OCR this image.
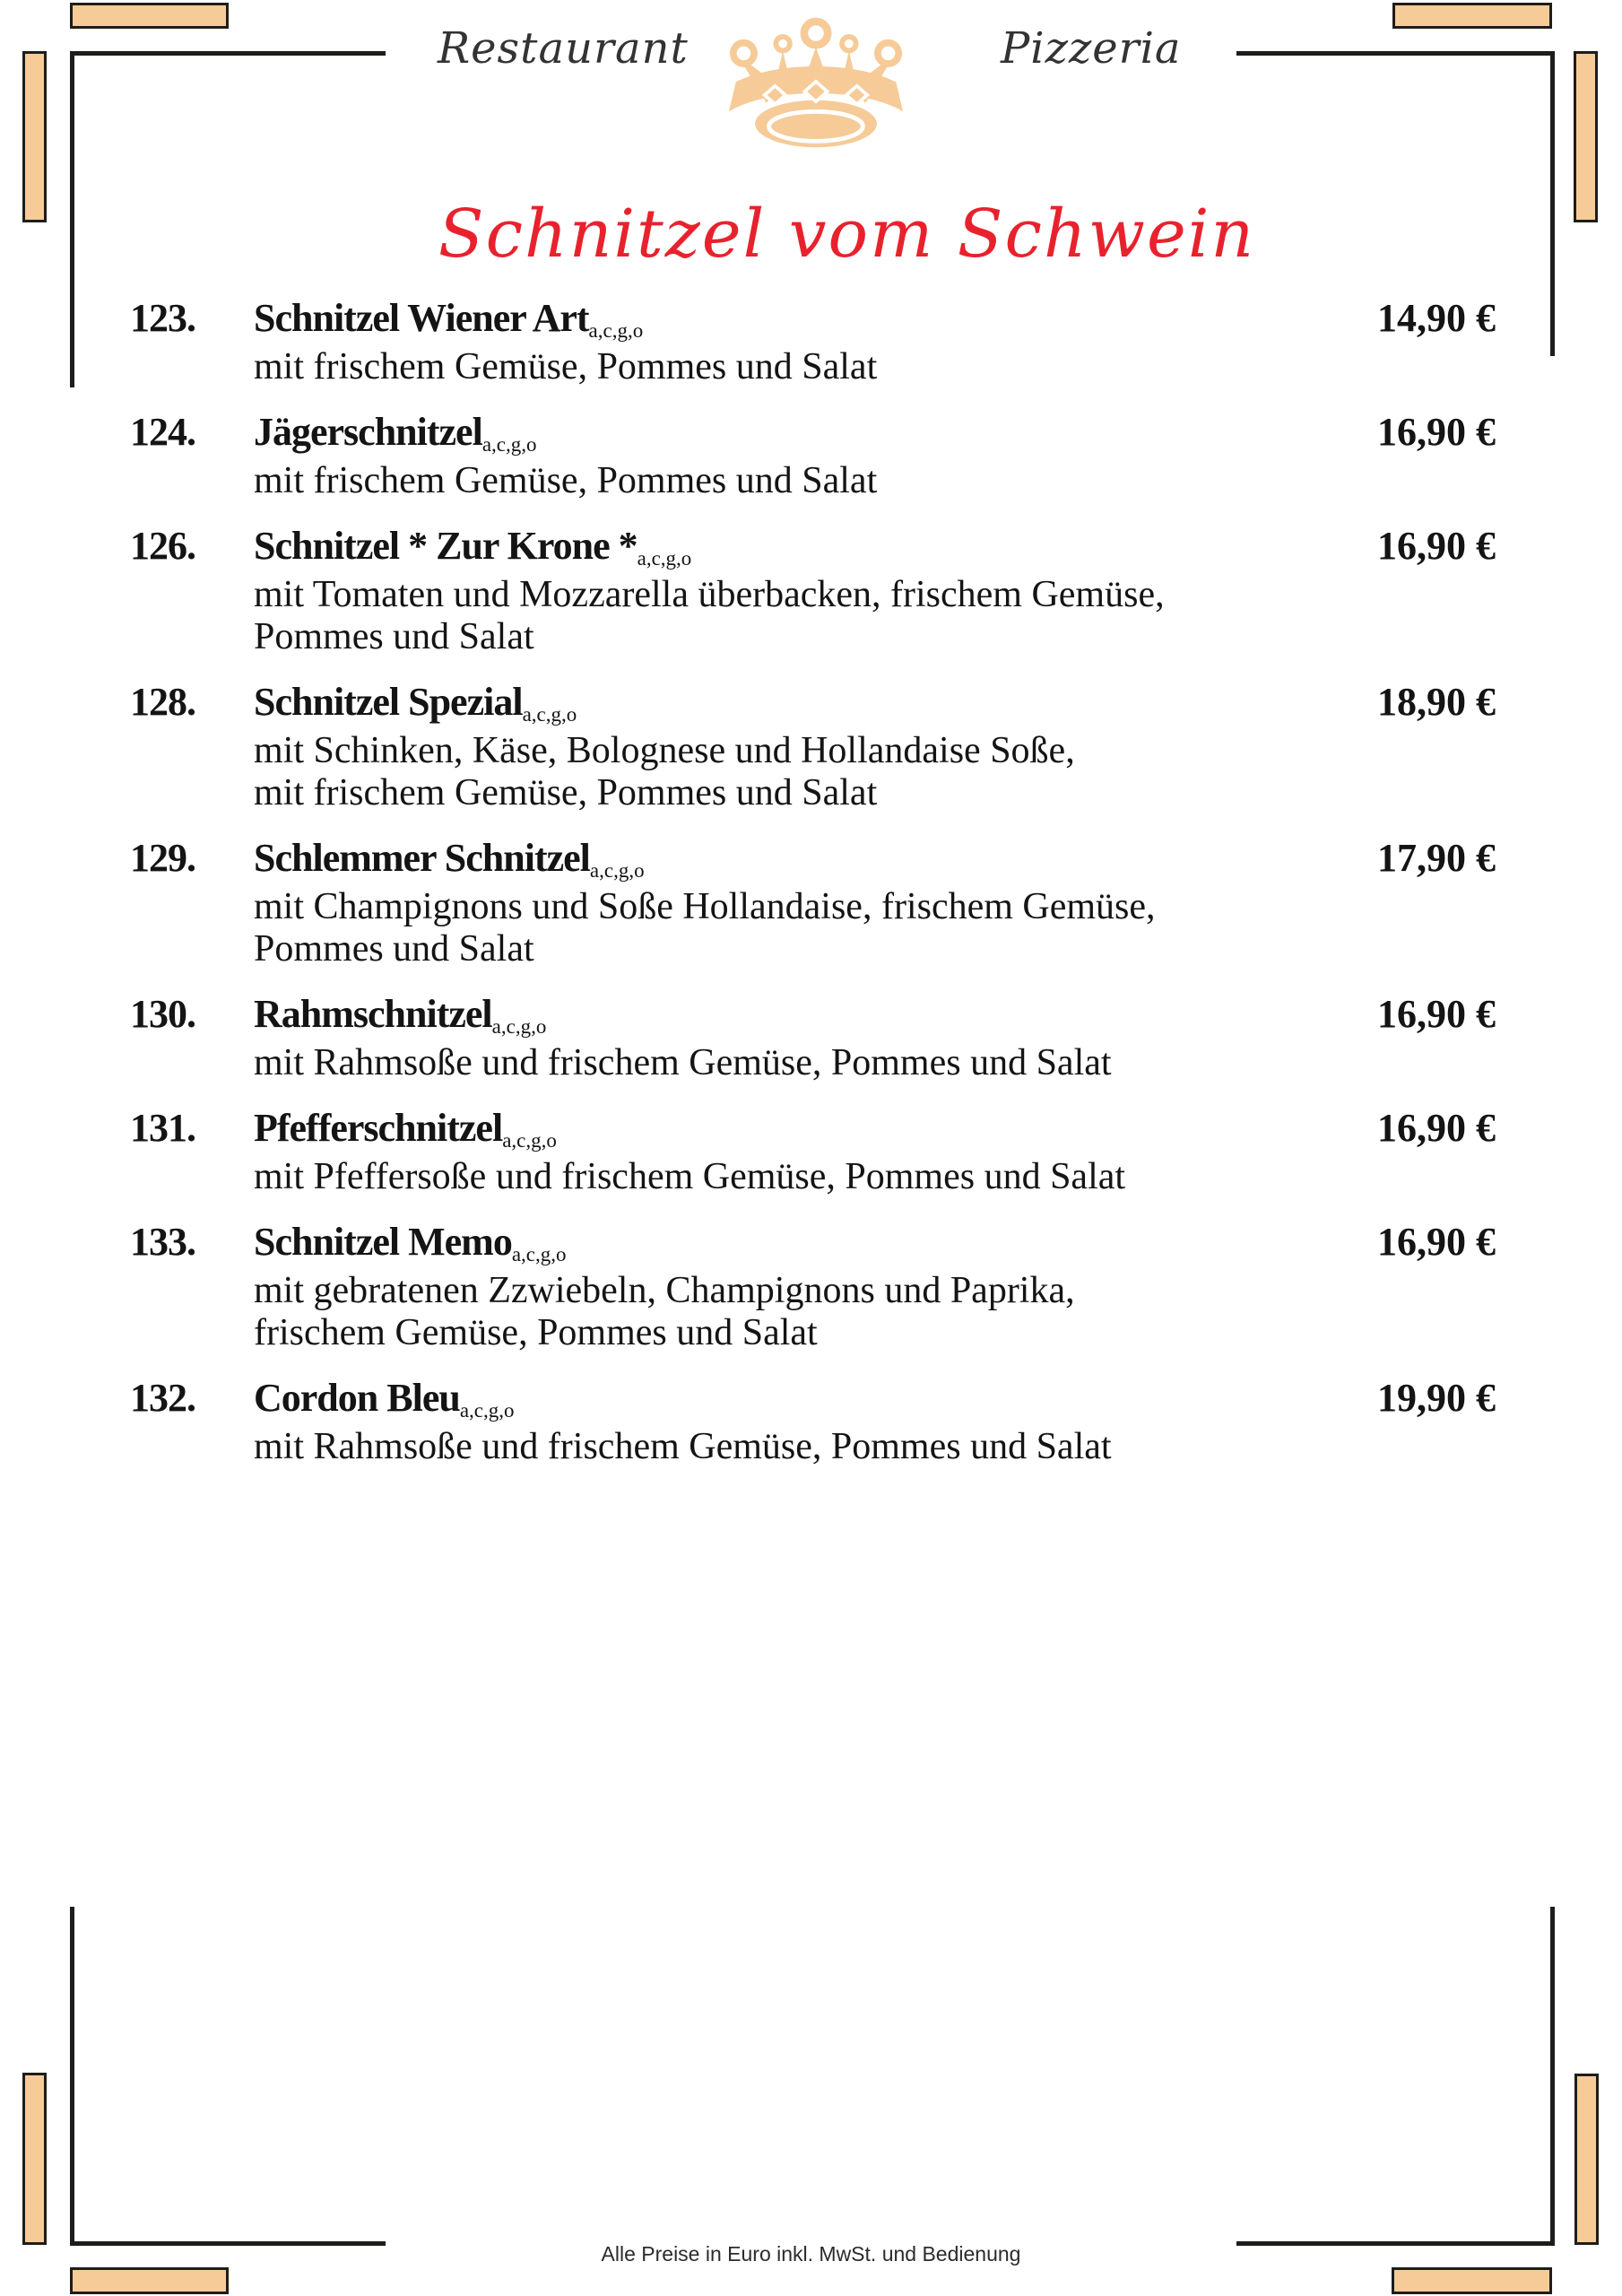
Restaurant	Pizzeria
Schnitzel vom Schwein
123.	Schnitzel Wiener Arta,c,g,o
mit frischem Gemüse, Pommes und Salat
14,90 €
124.	Jägerschnitzela,c,g,o
mit frischem Gemüse, Pommes und Salat
16,90 €
126.	Schnitzel * Zur Krone *a,c,g,o
mit Tomaten und Mozzarella überbacken, frischem Gemüse, Pommes und Salat
16,90 €
128.	Schnitzel Speziala,c,g,o
mit Schinken, Käse, Bolognese und Hollandaise Soße,
mit frischem Gemüse, Pommes und Salat
18,90 €
129.	Schlemmer Schnitzela,c,g,o
mit Champignons und Soße Hollandaise, frischem Gemüse, Pommes und Salat
17,90 €
130.	Rahmschnitzela,c,g,o
mit Rahmsoße und frischem Gemüse, Pommes und Salat
16,90 €
131.	Pfefferschnitzela,c,g,o
mit Pfeffersoße und frischem Gemüse, Pommes und Salat
16,90 €
133.	Schnitzel Memoa,c,g,o
mit gebratenen Zzwiebeln, Champignons und Paprika,
frischem Gemüse, Pommes und Salat
16,90 €
132.	Cordon Bleua,c,g,o
mit Rahmsoße und frischem Gemüse, Pommes und Salat
19,90 €
Alle Preise in Euro inkl. MwSt. und Bedienung
